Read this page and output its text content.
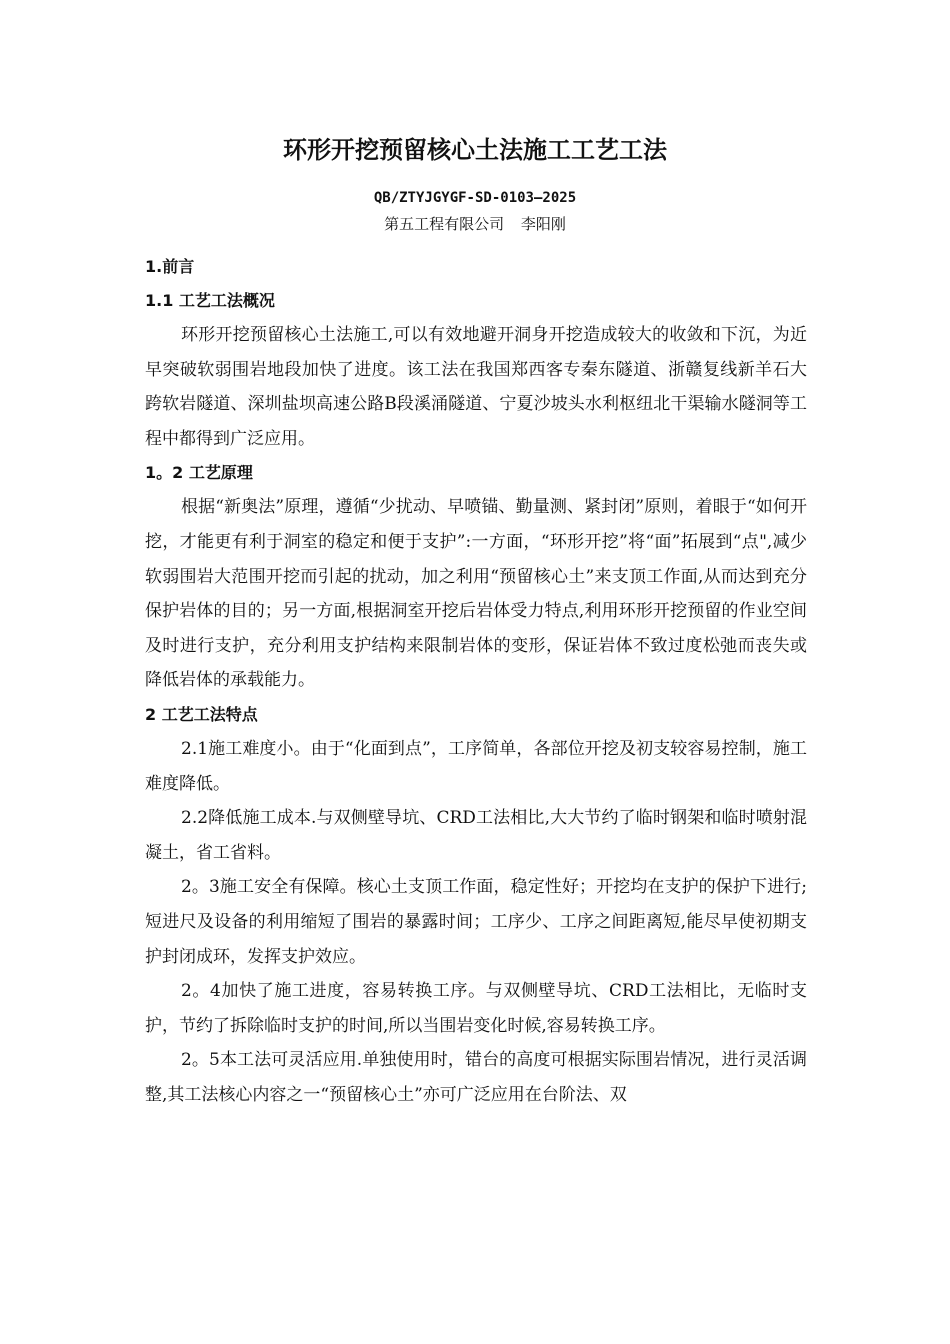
环形开挖预留核心土法施工工艺工法
QB/ZTYJGYGF-SD-0103—2025
第五工程有限公司 李阳刚
1.前言
1.1 工艺工法概况

环形开挖预留核心土法施工,可以有效地避开洞身开挖造成较大的收敛和下沉，为近早突破软弱围岩地段加快了进度。该工法在我国郑西客专秦东隧道、浙赣复线新羊石大跨软岩隧道、深圳盐坝高速公路B段溪涌隧道、宁夏沙坡头水利枢纽北干渠输水隧洞等工程中都得到广泛应用。

1。2 工艺原理

根据“新奥法”原理，遵循“少扰动、早喷锚、勤量测、紧封闭”原则，着眼于“如何开挖，才能更有利于洞室的稳定和便于支护”:一方面，“环形开挖”将“面”拓展到“点",减少软弱围岩大范围开挖而引起的扰动，加之利用“预留核心土”来支顶工作面,从而达到充分保护岩体的目的；另一方面,根据洞室开挖后岩体受力特点,利用环形开挖预留的作业空间及时进行支护，充分利用支护结构来限制岩体的变形，保证岩体不致过度松弛而丧失或降低岩体的承载能力。

2 工艺工法特点

2.1施工难度小。由于“化面到点”，工序简单，各部位开挖及初支较容易控制，施工难度降低。

2.2降低施工成本.与双侧壁导坑、CRD工法相比,大大节约了临时钢架和临时喷射混凝土，省工省料。

2。3施工安全有保障。核心土支顶工作面，稳定性好；开挖均在支护的保护下进行;短进尺及设备的利用缩短了围岩的暴露时间；工序少、工序之间距离短,能尽早使初期支护封闭成环，发挥支护效应。

2。4加快了施工进度，容易转换工序。与双侧壁导坑、CRD工法相比，无临时支护，节约了拆除临时支护的时间,所以当围岩变化时候,容易转换工序。

2。5本工法可灵活应用.单独使用时，错台的高度可根据实际围岩情况，进行灵活调整,其工法核心内容之一“预留核心土”亦可广泛应用在台阶法、双
